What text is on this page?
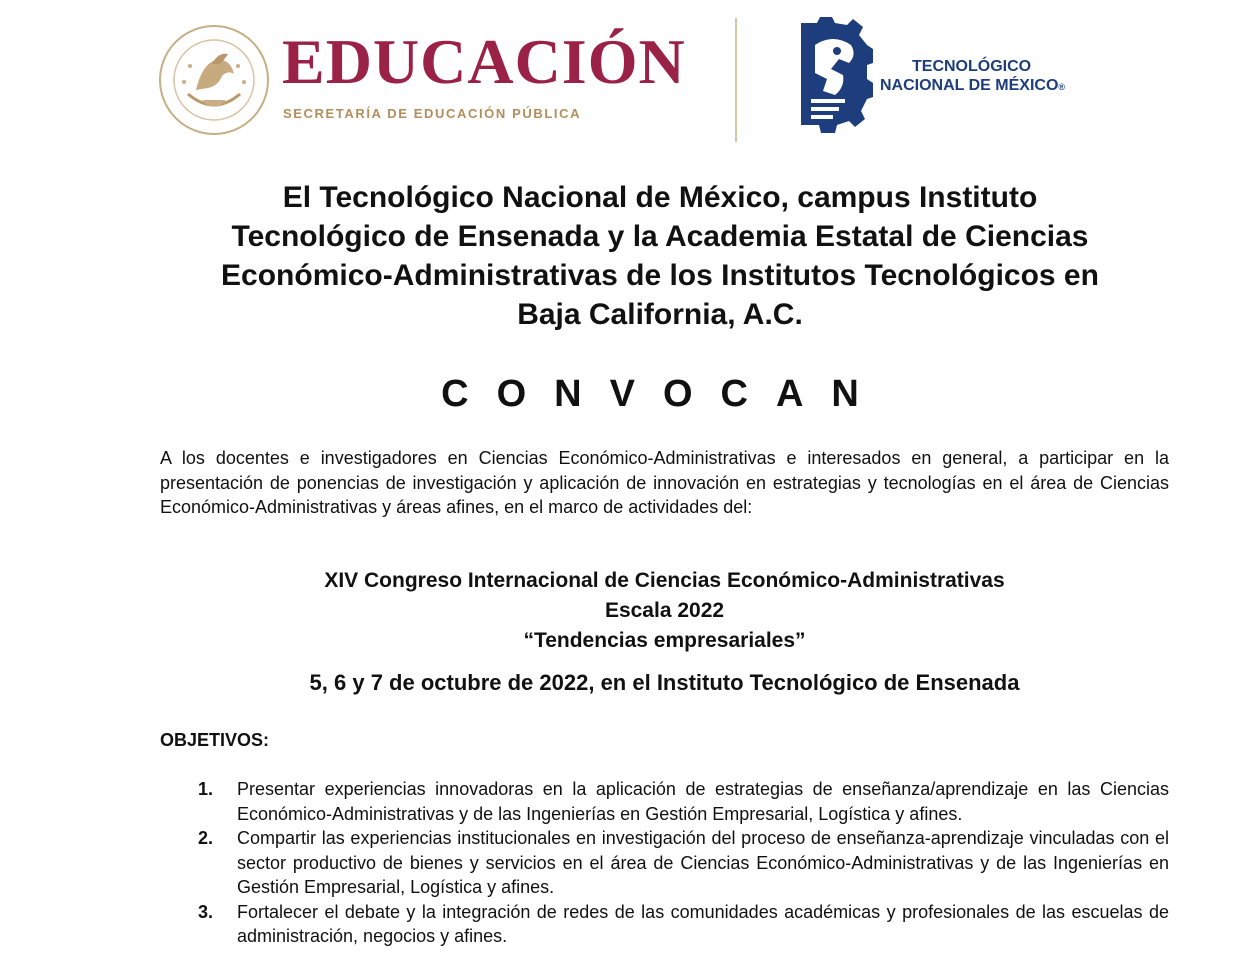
EDUCACIÓN
SECRETARÍA DE EDUCACIÓN PÚBLICA
TECNOLÓGICO
NACIONAL DE MÉXICO®
El Tecnológico Nacional de México, campus Instituto
Tecnológico de Ensenada y la Academia Estatal de Ciencias
Económico-Administrativas de los Institutos Tecnológicos en
Baja California, A.C.
CONVOCAN

A los docentes e investigadores en Ciencias Económico-Administrativas e interesados en general, a participar en la presentación de ponencias de investigación y aplicación de innovación en estrategias y tecnologías en el área de Ciencias Económico-Administrativas y áreas afines, en el marco de actividades del:

XIV Congreso Internacional de Ciencias Económico-Administrativas
Escala 2022
“Tendencias empresariales”

5, 6 y 7 de octubre de 2022, en el Instituto Tecnológico de Ensenada

OBJETIVOS:

1. Presentar experiencias innovadoras en la aplicación de estrategias de enseñanza/aprendizaje en las Ciencias Económico-Administrativas y de las Ingenierías en Gestión Empresarial, Logística y afines.
2. Compartir las experiencias institucionales en investigación del proceso de enseñanza-aprendizaje vinculadas con el sector productivo de bienes y servicios en el área de Ciencias Económico-Administrativas y de las Ingenierías en Gestión Empresarial, Logística y afines.
3. Fortalecer el debate y la integración de redes de las comunidades académicas y profesionales de las escuelas de administración, negocios y afines.
